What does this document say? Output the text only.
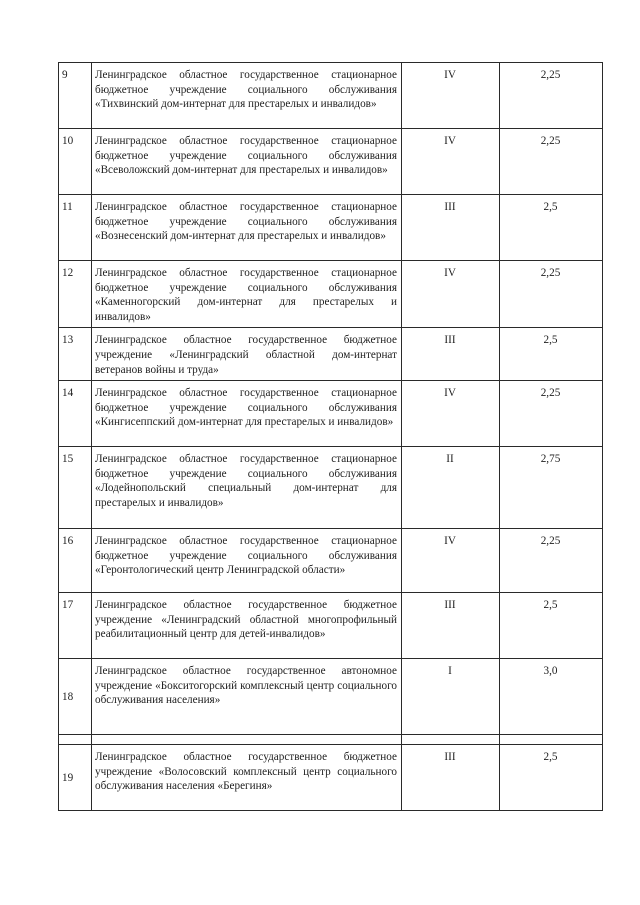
9	Ленинградское областное государственное стационарное бюджетное учреждение социального обслуживания «Тихвинский дом-интернат для престарелых и инвалидов»	IV	2,25
10	Ленинградское областное государственное стационарное бюджетное учреждение социального обслуживания «Всеволожский дом-интернат для престарелых и инвалидов»	IV	2,25
11	Ленинградское областное государственное стационарное бюджетное учреждение социального обслуживания «Вознесенский дом-интернат для престарелых и инвалидов»	III	2,5
12	Ленинградское областное государственное стационарное бюджетное учреждение социального обслуживания «Каменногорский дом-интернат для престарелых и инвалидов»	IV	2,25
13	Ленинградское областное государственное бюджетное учреждение «Ленинградский областной дом-интернат ветеранов войны и труда»	III	2,5
14	Ленинградское областное государственное стационарное бюджетное учреждение социального обслуживания «Кингисеппский дом-интернат для престарелых и инвалидов»	IV	2,25
15	Ленинградское областное государственное стационарное бюджетное учреждение социального обслуживания «Лодейнопольский специальный дом-интернат для престарелых и инвалидов»	II	2,75
16	Ленинградское областное государственное стационарное бюджетное учреждение социального обслуживания «Геронтологический центр Ленинградской области»	IV	2,25
17	Ленинградское областное государственное бюджетное учреждение «Ленинградский областной многопрофильный реабилитационный центр для детей-инвалидов»	III	2,5
18	Ленинградское областное государственное автономное учреждение «Бокситогорский комплексный центр социального обслуживания населения»	I	3,0

19	Ленинградское областное государственное бюджетное учреждение «Волосовский комплексный центр социального обслуживания населения «Берегиня»	III	2,5
